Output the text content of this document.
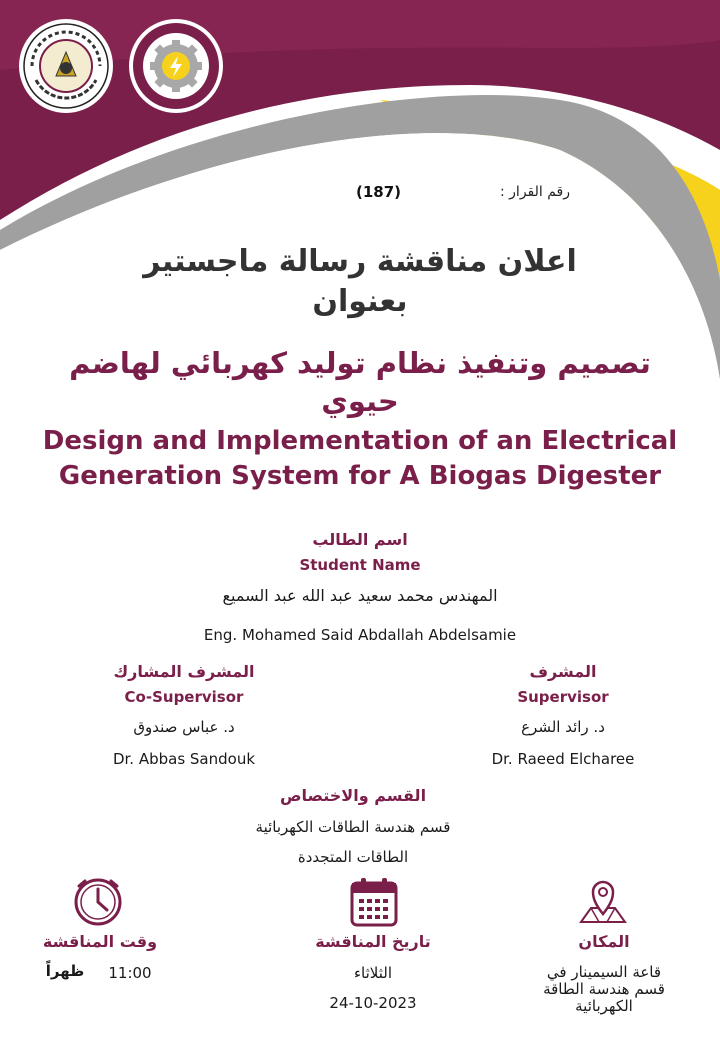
رقم القرار :
(187)
اعلان مناقشة رسالة ماجستير
بعنوان
تصميم وتنفيذ نظام توليد كهربائي لهاضم
حيوي
Design and Implementation of an Electrical
Generation System for A Biogas Digester
اسم الطالب
Student Name
المهندس محمد سعيد عبد الله عبد السميع
Eng. Mohamed Said Abdallah Abdelsamie
المشرف المشارك
Co-Supervisor
د. عباس صندوق
Dr. Abbas Sandouk
المشرف
Supervisor
د. رائد الشرع
Dr. Raeed Elcharee
القسم والاختصاص
قسم هندسة الطاقات الكهربائية
الطاقات المتجددة
وقت المناقشة
11:00
ظهراً
تاريخ المناقشة
الثلاثاء
24-10-2023
المكان
قاعة السيمينار في
قسم هندسة الطاقة
الكهربائية
